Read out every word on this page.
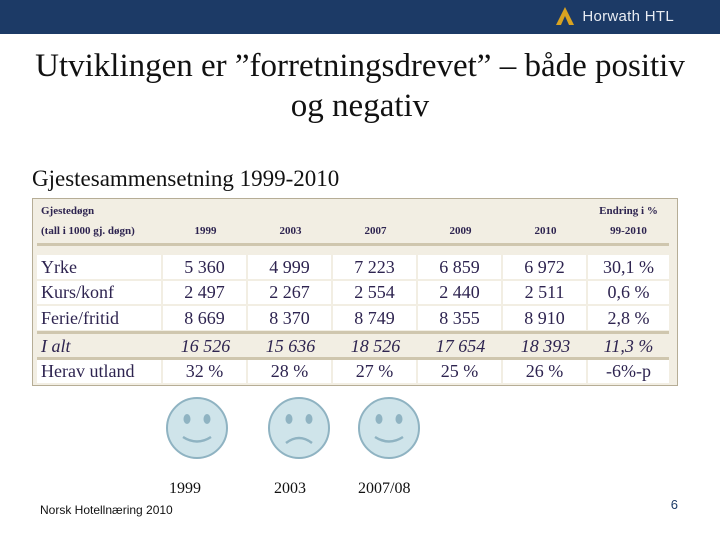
Horwath HTL
Utviklingen er ”forretningsdrevet” – både positiv og negativ
Gjestesammensetning 1999-2010
Gjestedøgn	Endring i %
(tall i 1000 gj. døgn)	1999	2003	2007	2009	2010	99-2010
Yrke	5 360	4 999	7 223	6 859	6 972	30,1 %
Kurs/konf	2 497	2 267	2 554	2 440	2 511	0,6 %
Ferie/fritid	8 669	8 370	8 749	8 355	8 910	2,8 %
I alt	16 526	15 636	18 526	17 654	18 393	11,3 %
Herav utland	32 %	28 %	27 %	25 %	26 %	-6%-p
1999	2003	2007/08
Norsk Hotellnæring 2010	6
